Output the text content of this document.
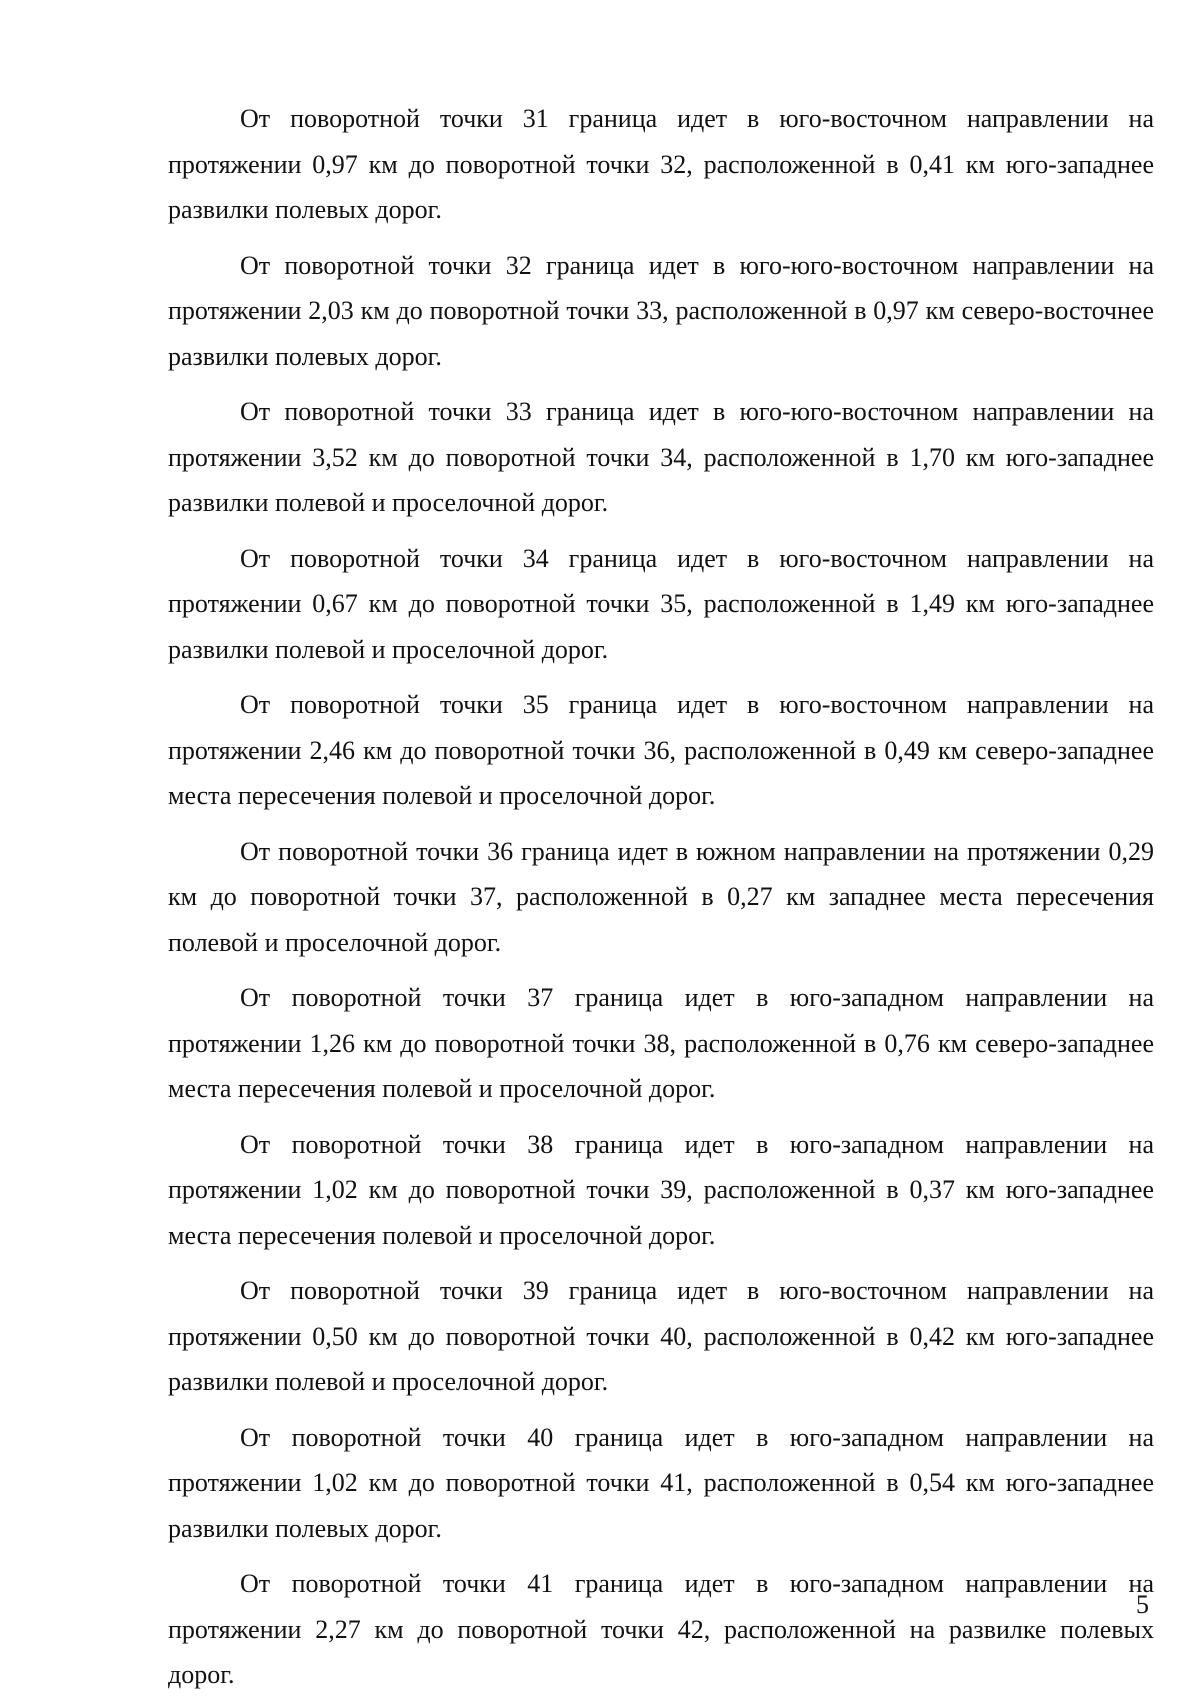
От поворотной точки 31 граница идет в юго-восточном направлении на протяжении 0,97 км до поворотной точки 32, расположенной в 0,41 км юго-западнее развилки полевых дорог.

От поворотной точки 32 граница идет в юго-юго-восточном направлении на протяжении 2,03 км до поворотной точки 33, расположенной в 0,97 км северо-восточнее развилки полевых дорог.

От поворотной точки 33 граница идет в юго-юго-восточном направлении на протяжении 3,52 км до поворотной точки 34, расположенной в 1,70 км юго-западнее развилки полевой и проселочной дорог.

От поворотной точки 34 граница идет в юго-восточном направлении на протяжении 0,67 км до поворотной точки 35, расположенной в 1,49 км юго-западнее развилки полевой и проселочной дорог.

От поворотной точки 35 граница идет в юго-восточном направлении на протяжении 2,46 км до поворотной точки 36, расположенной в 0,49 км северо-западнее места пересечения полевой и проселочной дорог.

От поворотной точки 36 граница идет в южном направлении на протяжении 0,29 км до поворотной точки 37, расположенной в 0,27 км западнее места пересечения полевой и проселочной дорог.

От поворотной точки 37 граница идет в юго-западном направлении на протяжении 1,26 км до поворотной точки 38, расположенной в 0,76 км северо-западнее места пересечения полевой и проселочной дорог.

От поворотной точки 38 граница идет в юго-западном направлении на протяжении 1,02 км до поворотной точки 39, расположенной в 0,37 км юго-западнее места пересечения полевой и проселочной дорог.

От поворотной точки 39 граница идет в юго-восточном направлении на протяжении 0,50 км до поворотной точки 40, расположенной в 0,42 км юго-западнее развилки полевой и проселочной дорог.

От поворотной точки 40 граница идет в юго-западном направлении на протяжении 1,02 км до поворотной точки 41, расположенной в 0,54 км юго-западнее развилки полевых дорог.

От поворотной точки 41 граница идет в юго-западном направлении на протяжении 2,27 км до поворотной точки 42, расположенной на развилке полевых дорог.

5
